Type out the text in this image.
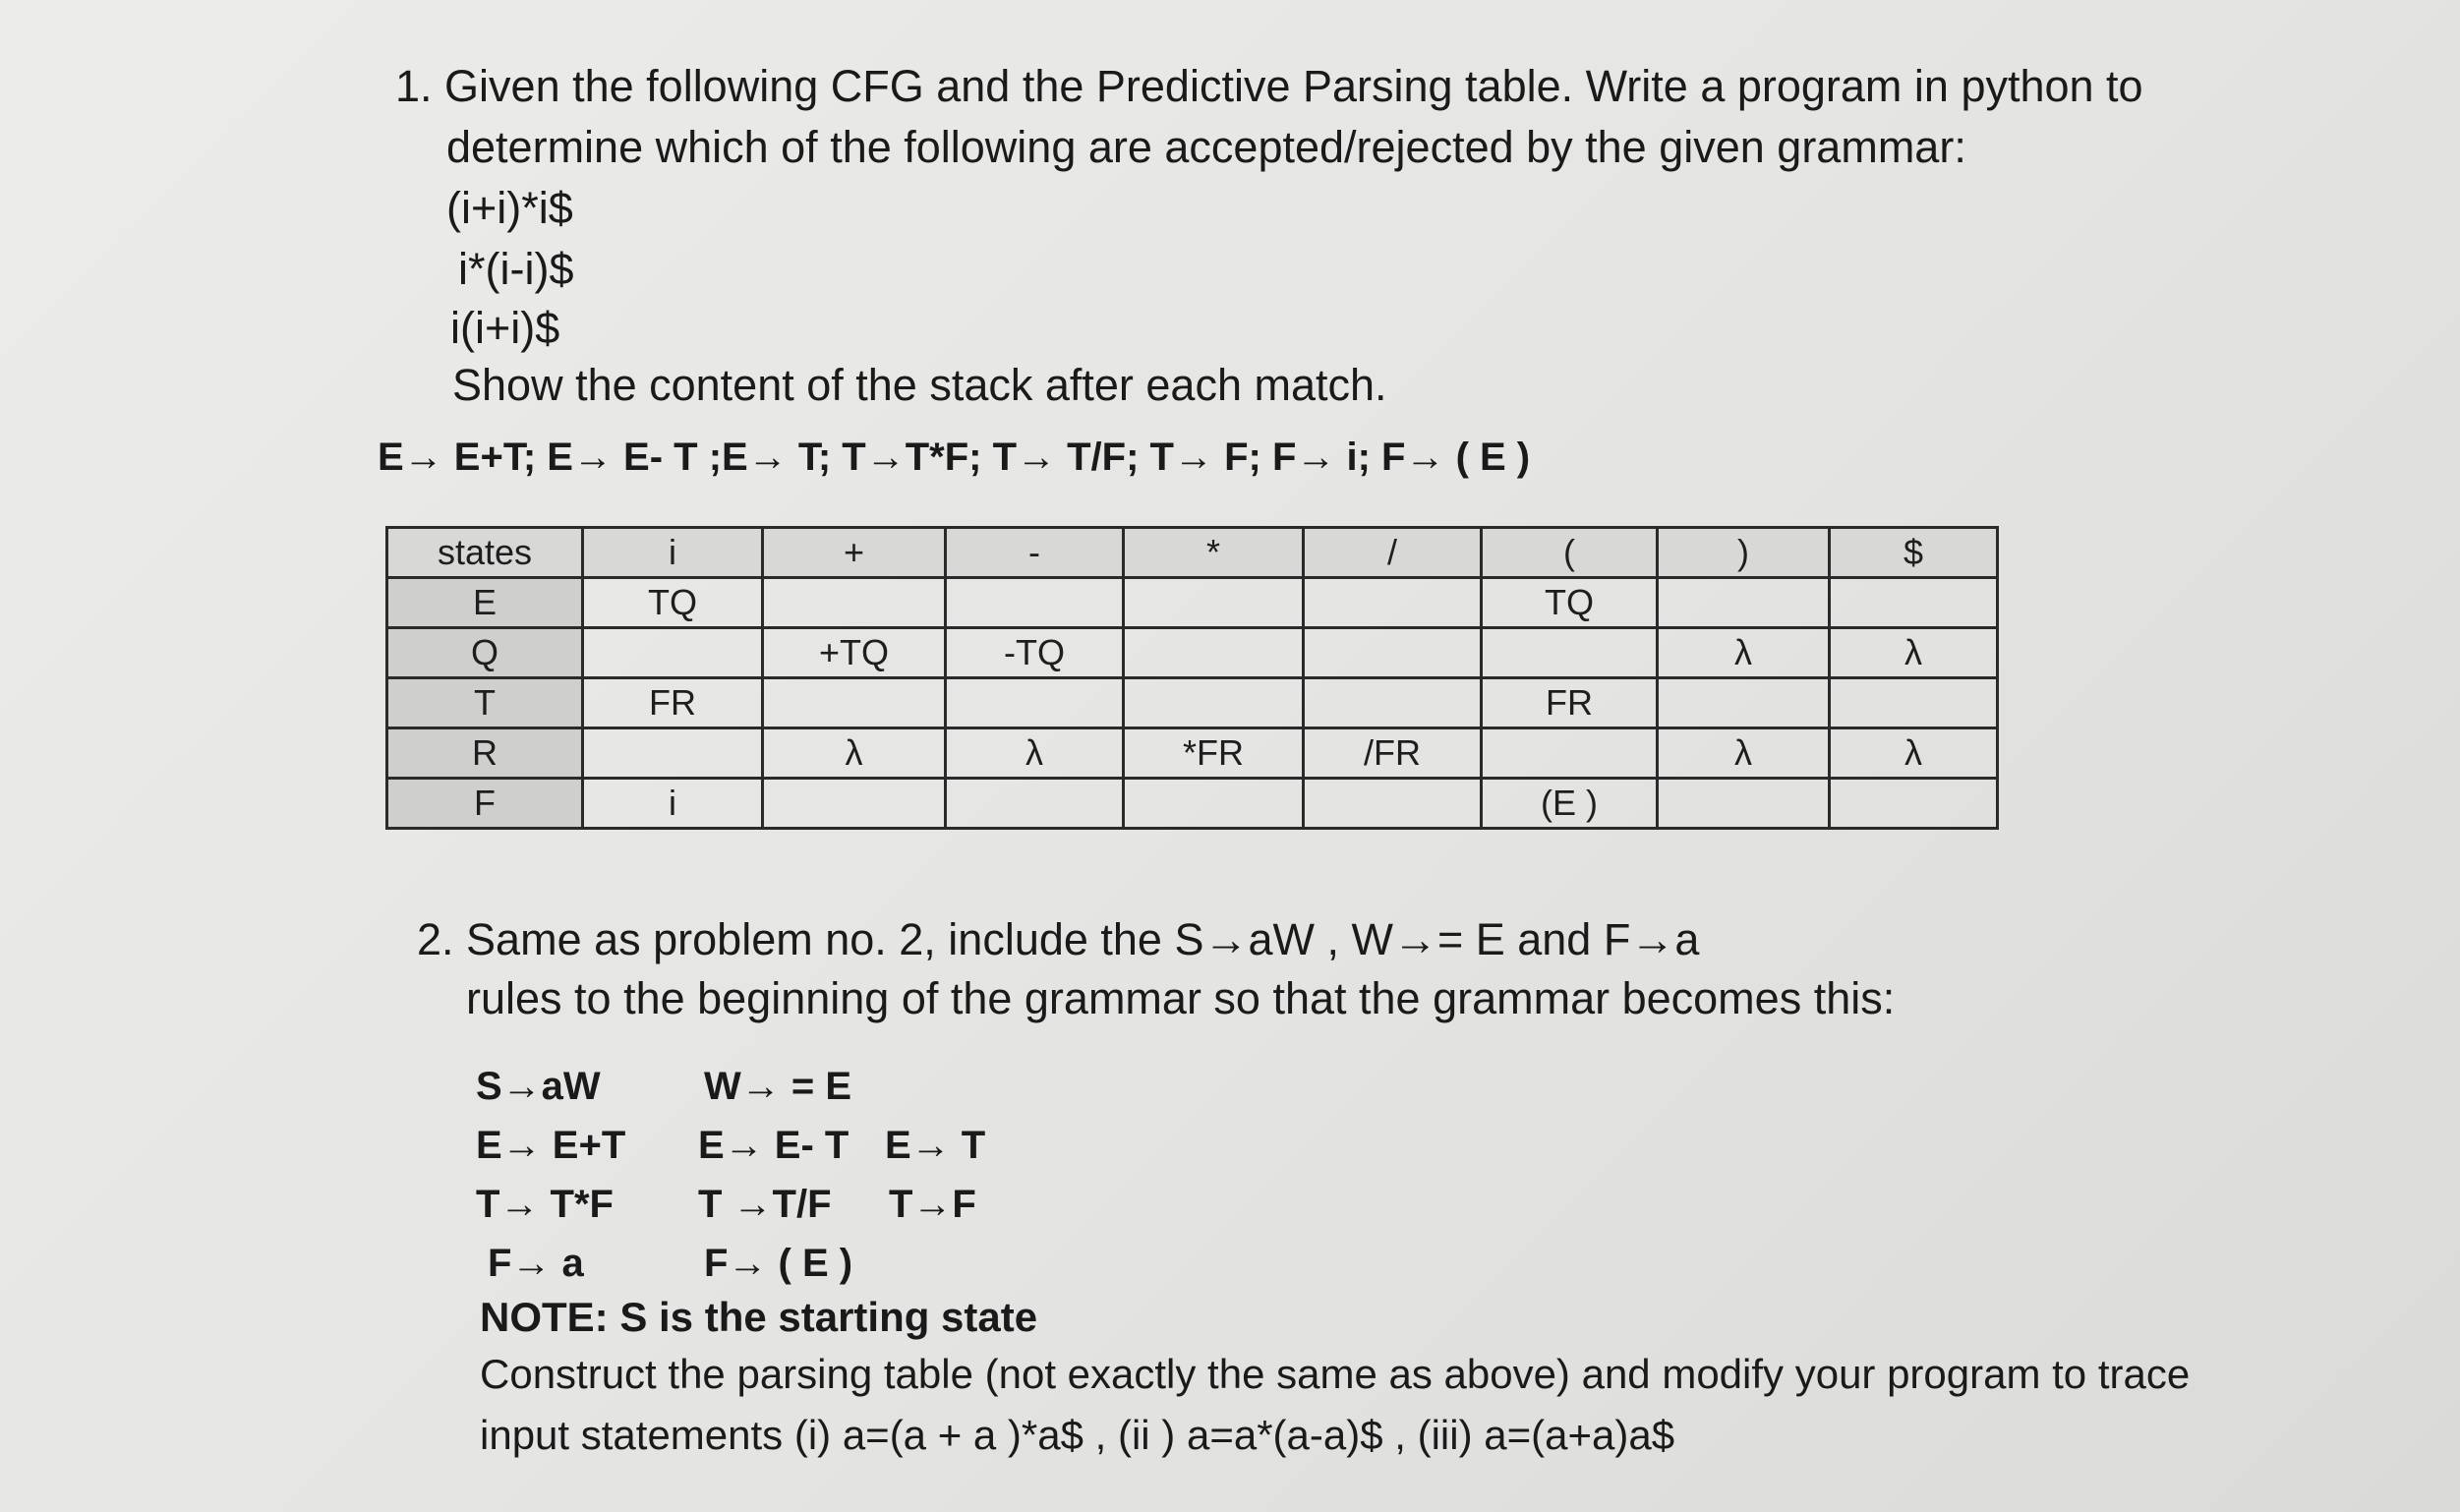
1. Given the following CFG and the Predictive Parsing table. Write a program in python to
determine which of the following are accepted/rejected by the given grammar:
(i+i)*i$
i*(i-i)$
i(i+i)$
Show the content of the stack after each match.
E→ E+T; E→ E- T ;E→ T; T→T*F; T→ T/F; T→ F; F→ i; F→ ( E )
states	i	+	-	*	/	(	)	$
E	TQ					TQ		
Q		+TQ	-TQ				λ	λ
T	FR					FR		
R		λ	λ	*FR	/FR		λ	λ
F	i					(E )		
2. Same as problem no. 2, include the S→aW , W→= E and F→a
rules to the beginning of the grammar so that the grammar becomes this:
S→aW	W→ = E
E→ E+T E→ E- T E→ T
T→ T*F T →T/F T→F
F→ a	F→ ( E )
NOTE: S is the starting state
Construct the parsing table (not exactly the same as above) and modify your program to trace
input statements (i) a=(a + a )*a$ , (ii ) a=a*(a-a)$ , (iii) a=(a+a)a$
